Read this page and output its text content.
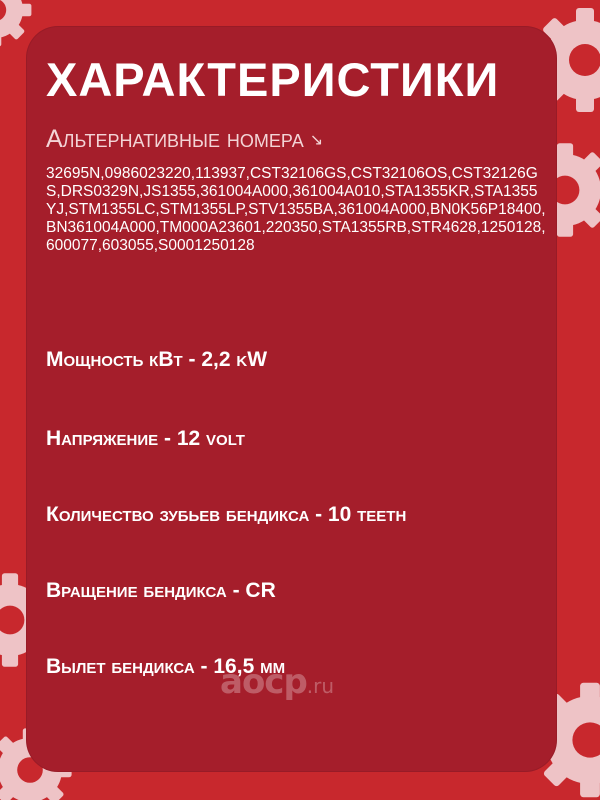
ХАРАКТЕРИСТИКИ
Альтернативные номера ↘
32695N,0986023220,113937,CST32106GS,CST32106OS,CST32126GS,DRS0329N,JS1355,361004A000,361004A010,STA1355KR,STA1355YJ,STM1355LC,STM1355LP,STV1355BA,361004A000,BN0K56P18400,BN361004A000,TM000A23601,220350,STA1355RB,STR4628,1250128,600077,603055,S0001250128
Мощность кВт - 2,2 kW
Напряжение - 12 volt
Количество зубьев бендикса - 10 teeth
Вращение бендикса - CR
Вылет бендикса - 16,5 мм
aocp.ru
